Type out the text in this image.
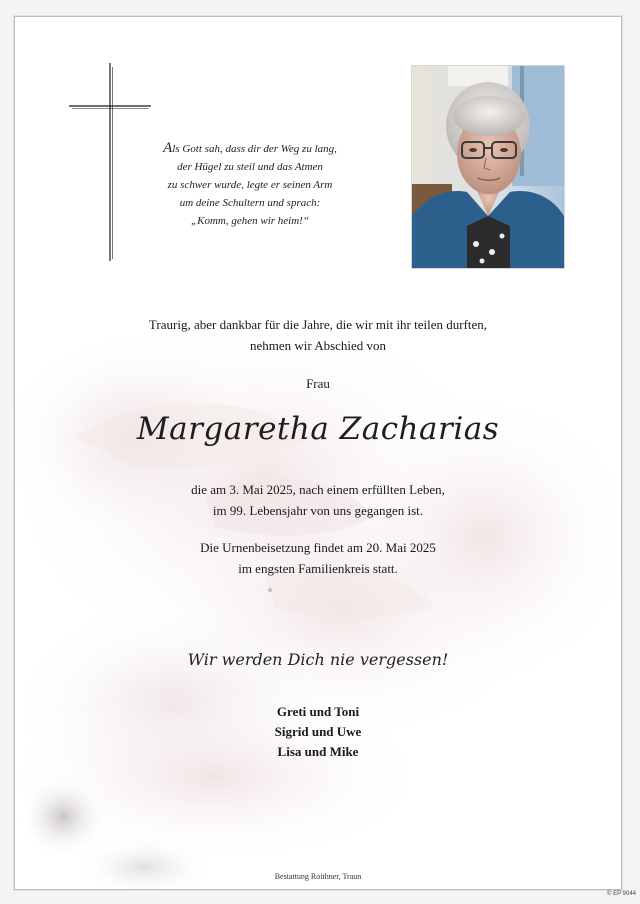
Als Gott sah, dass dir der Weg zu lang,
der Hügel zu steil und das Atmen
zu schwer wurde, legte er seinen Arm
um deine Schultern und sprach:
„Komm, gehen wir heim!“
Traurig, aber dankbar für die Jahre, die wir mit ihr teilen durften,
nehmen wir Abschied von
Frau
Margaretha Zacharias
die am 3. Mai 2025, nach einem erfüllten Leben,
im 99. Lebensjahr von uns gegangen ist.
Die Urnenbeisetzung findet am 20. Mai 2025
im engsten Familienkreis statt.
Wir werden Dich nie vergessen!
Greti und Toni
Sigrid und Uwe
Lisa und Mike
Bestattung Roithner, Traun
© EP 9044
